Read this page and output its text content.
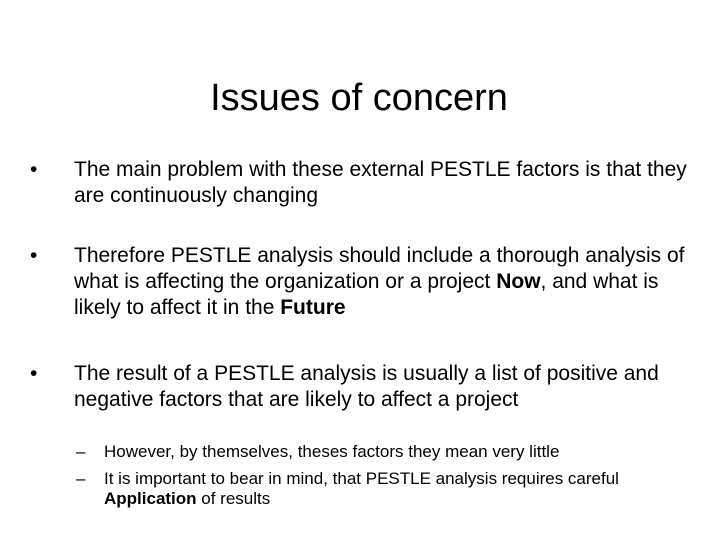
Issues of concern
•	The main problem with these external PESTLE factors is that they are continuously changing
•	Therefore PESTLE analysis should include a thorough analysis of what is affecting the organization or a project Now, and what is likely to affect it in the Future
•	The result of a PESTLE analysis is usually a list of positive and negative factors that are likely to affect a project
– However, by themselves, theses factors they mean very little
– It is important to bear in mind, that PESTLE analysis requires careful Application of results
